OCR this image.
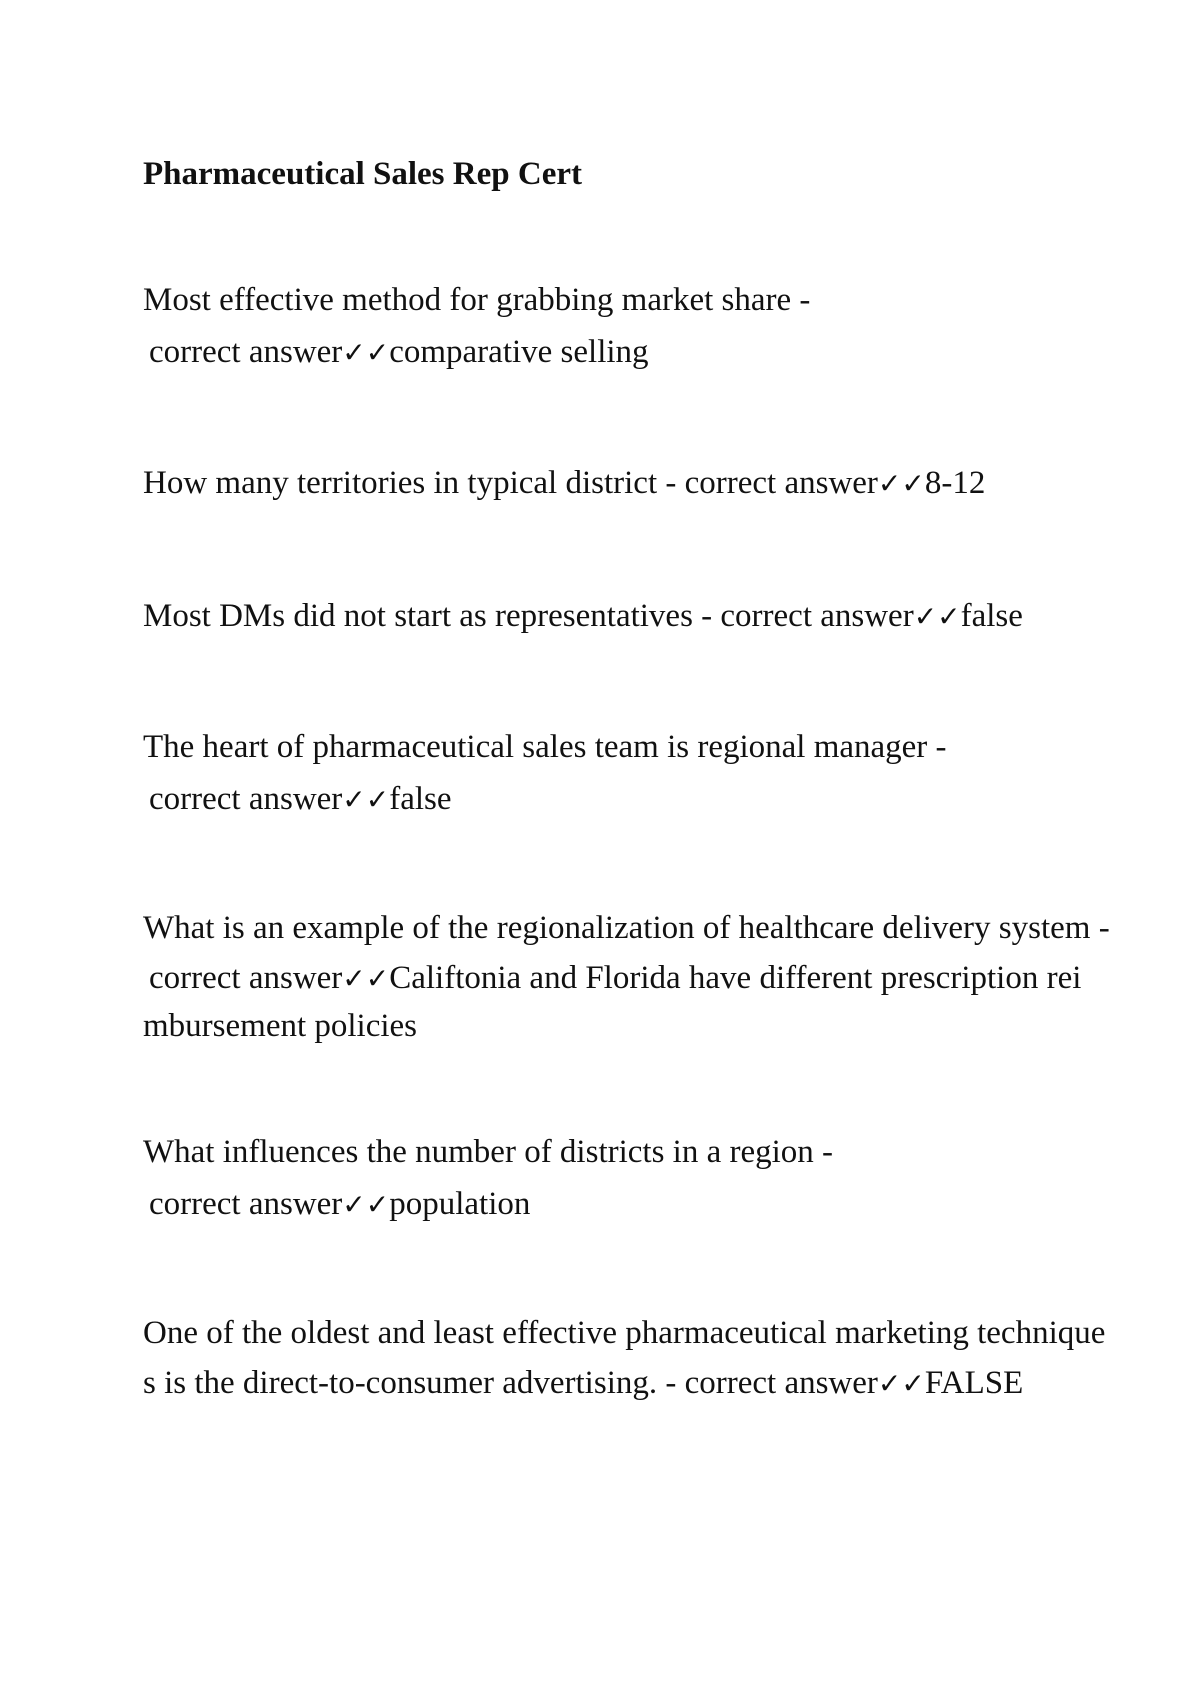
Pharmaceutical Sales Rep Cert
Most effective method for grabbing market share -
correct answer✓✓comparative selling
How many territories in typical district - correct answer✓✓8-12
Most DMs did not start as representatives - correct answer✓✓false
The heart of pharmaceutical sales team is regional manager -
correct answer✓✓false
What is an example of the regionalization of healthcare delivery system -
correct answer✓✓Califtonia and Florida have different prescription rei
mbursement policies
What influences the number of districts in a region -
correct answer✓✓population
One of the oldest and least effective pharmaceutical marketing technique
s is the direct-to-consumer advertising. - correct answer✓✓FALSE
